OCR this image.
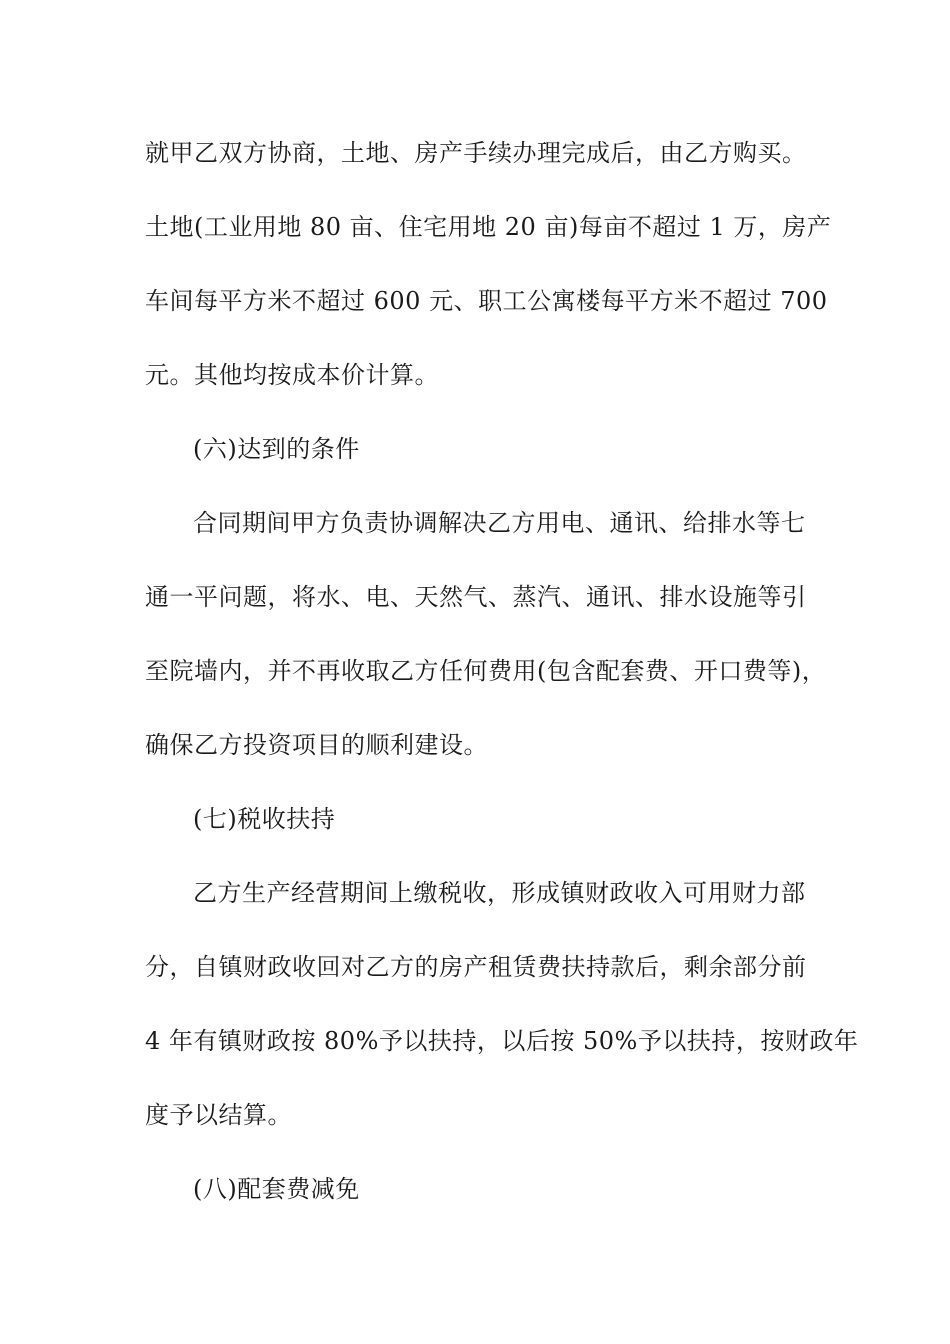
就甲乙双方协商，土地、房产手续办理完成后，由乙方购买。
土地(工业用地 80 亩、住宅用地 20 亩)每亩不超过 1 万，房产
车间每平方米不超过 600 元、职工公寓楼每平方米不超过 700
元。其他均按成本价计算。
(六)达到的条件
合同期间甲方负责协调解决乙方用电、通讯、给排水等七
通一平问题，将水、电、天然气、蒸汽、通讯、排水设施等引
至院墙内，并不再收取乙方任何费用(包含配套费、开口费等)，
确保乙方投资项目的顺利建设。
(七)税收扶持
乙方生产经营期间上缴税收，形成镇财政收入可用财力部
分，自镇财政收回对乙方的房产租赁费扶持款后，剩余部分前
4 年有镇财政按 80%予以扶持，以后按 50%予以扶持，按财政年
度予以结算。
(八)配套费减免
